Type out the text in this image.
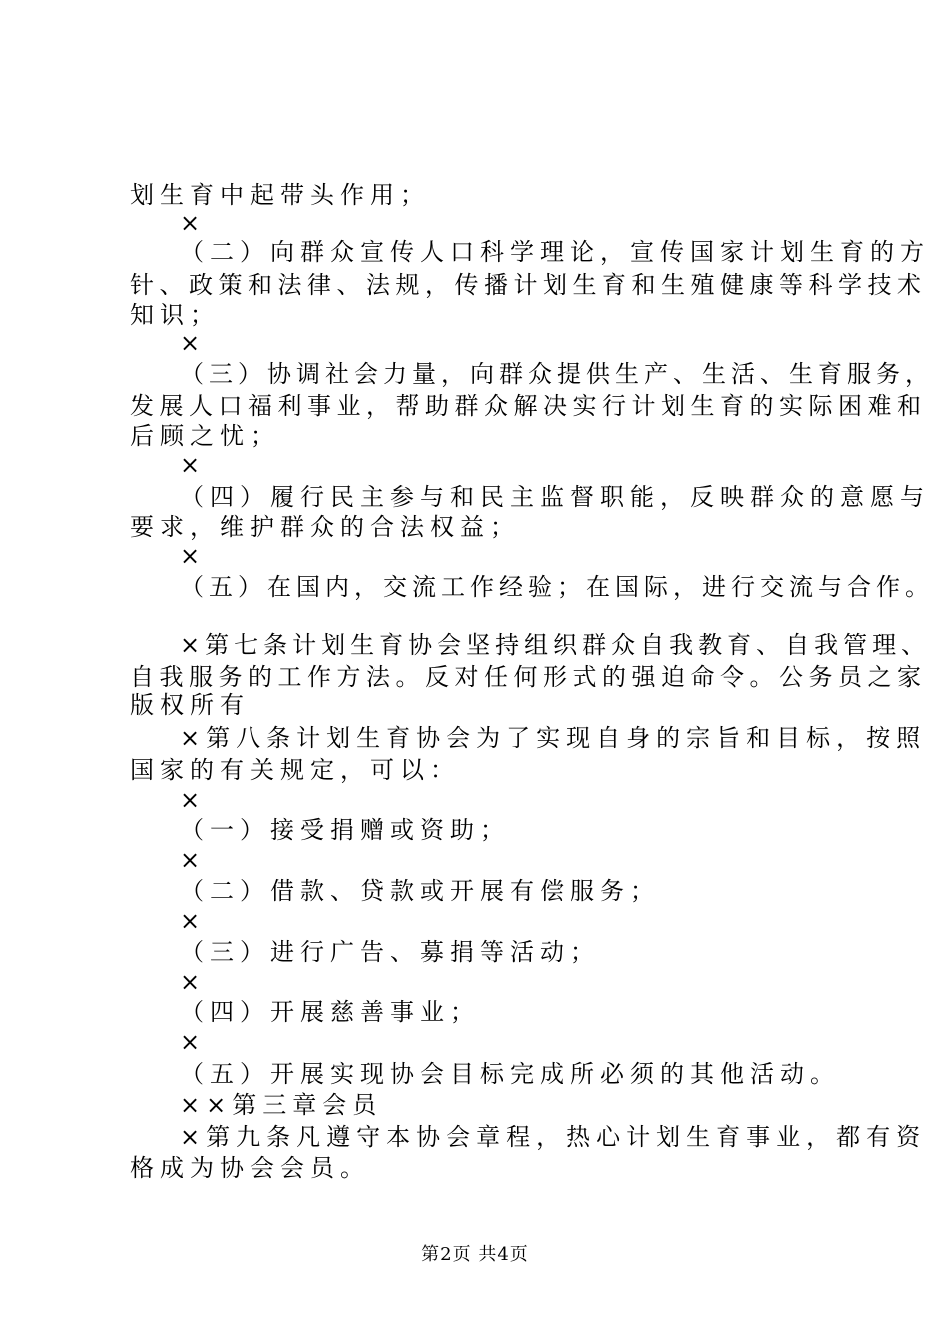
划生育中起带头作用；
×
（二）向群众宣传人口科学理论，宣传国家计划生育的方
针、政策和法律、法规，传播计划生育和生殖健康等科学技术
知识；
×
（三）协调社会力量，向群众提供生产、生活、生育服务，
发展人口福利事业，帮助群众解决实行计划生育的实际困难和
后顾之忧；
×
（四）履行民主参与和民主监督职能，反映群众的意愿与
要求，维护群众的合法权益；
×
（五）在国内，交流工作经验；在国际，进行交流与合作。
×第七条计划生育协会坚持组织群众自我教育、自我管理、
自我服务的工作方法。反对任何形式的强迫命令。公务员之家
版权所有
×第八条计划生育协会为了实现自身的宗旨和目标，按照
国家的有关规定，可以：
×
（一）接受捐赠或资助；
×
（二）借款、贷款或开展有偿服务；
×
（三）进行广告、募捐等活动；
×
（四）开展慈善事业；
×
（五）开展实现协会目标完成所必须的其他活动。
××第三章会员
×第九条凡遵守本协会章程，热心计划生育事业，都有资
格成为协会会员。
第2页 共4页
